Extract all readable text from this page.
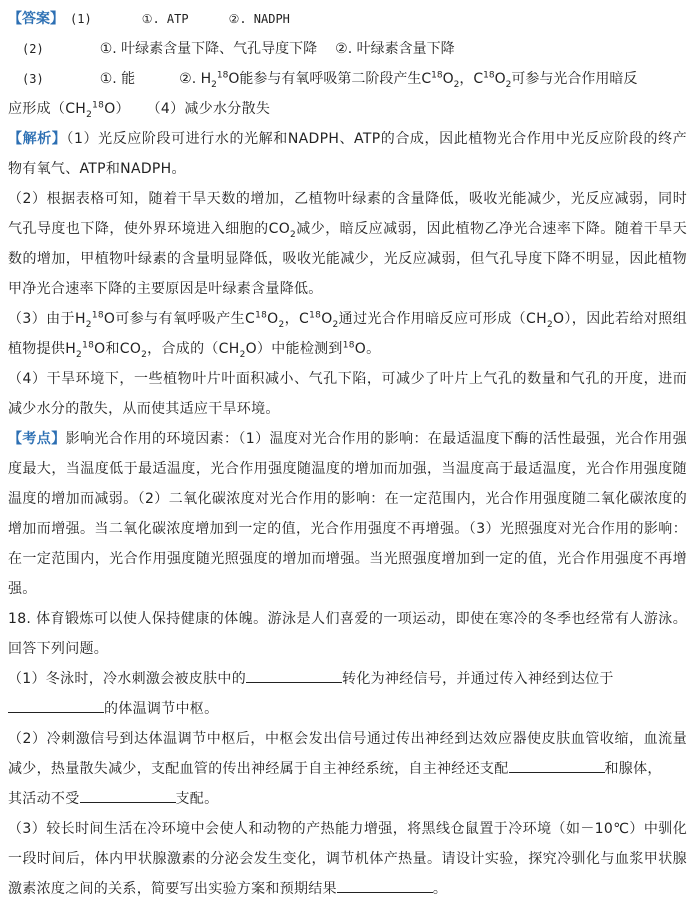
【答案】 (1)	①. ATP	②. NADPH
(2)	①. 叶绿素含量下降、气孔导度下降 ②. 叶绿素含量下降
(3)	①. 能	②. $H_2^{18}O$能参与有氧呼吸第二阶段产生$C^{18}O_2$，$C^{18}O_2$可参与光合作用暗反

应形成$(CH_2^{18}O)$ （4）减少水分散失

【解析】（1）光反应阶段可进行水的光解和NADPH、ATP的合成，因此植物光合作用中光反应阶段的终产物有氧气、ATP和NADPH。

（2）根据表格可知，随着干旱天数的增加，乙植物叶绿素的含量降低，吸收光能减少，光反应减弱，同时气孔导度也下降，使外界环境进入细胞的$CO_2$减少，暗反应减弱，因此植物乙净光合速率下降。随着干旱天数的增加，甲植物叶绿素的含量明显降低，吸收光能减少，光反应减弱，但气孔导度下降不明显，因此植物甲净光合速率下降的主要原因是叶绿素含量降低。

（3）由于$H_2^{18}O$可参与有氧呼吸产生$C^{18}O_2$，$C^{18}O_2$通过光合作用暗反应可形成$(CH_2O)$，因此若给对照组植物提供$H_2^{18}O$和$CO_2$，合成的$(CH_2O)$中能检测到$^{18}$O。

（4）干旱环境下，一些植物叶片叶面积减小、气孔下陷，可减少了叶片上气孔的数量和气孔的开度，进而减少水分的散失，从而使其适应干旱环境。

【考点】影响光合作用的环境因素：（1）温度对光合作用的影响：在最适温度下酶的活性最强，光合作用强度最大，当温度低于最适温度，光合作用强度随温度的增加而加强，当温度高于最适温度，光合作用强度随温度的增加而减弱。（2）二氧化碳浓度对光合作用的影响：在一定范围内，光合作用强度随二氧化碳浓度的增加而增强。当二氧化碳浓度增加到一定的值，光合作用强度不再增强。（3）光照强度对光合作用的影响：在一定范围内，光合作用强度随光照强度的增加而增强。当光照强度增加到一定的值，光合作用强度不再增强。

18. 体育锻炼可以使人保持健康的体魄。游泳是人们喜爱的一项运动，即使在寒冷的冬季也经常有人游泳。回答下列问题。

（1）冬泳时，冷水刺激会被皮肤中的	转化为神经信号，并通过传入神经到达位于
的体温调节中枢。

（2）冷刺激信号到达体温调节中枢后，中枢会发出信号通过传出神经到达效应器使皮肤血管收缩，血流量减少，热量散失减少，支配血管的传出神经属于自主神经系统，自主神经还支配	和腺体，
其活动不受	支配。

（3）较长时间生活在冷环境中会使人和动物的产热能力增强，将黑线仓鼠置于冷环境（如－10℃）中驯化一段时间后，体内甲状腺激素的分泌会发生变化，调节机体产热量。请设计实验，探究冷驯化与血浆甲状腺激素浓度之间的关系，简要写出实验方案和预期结果	。
